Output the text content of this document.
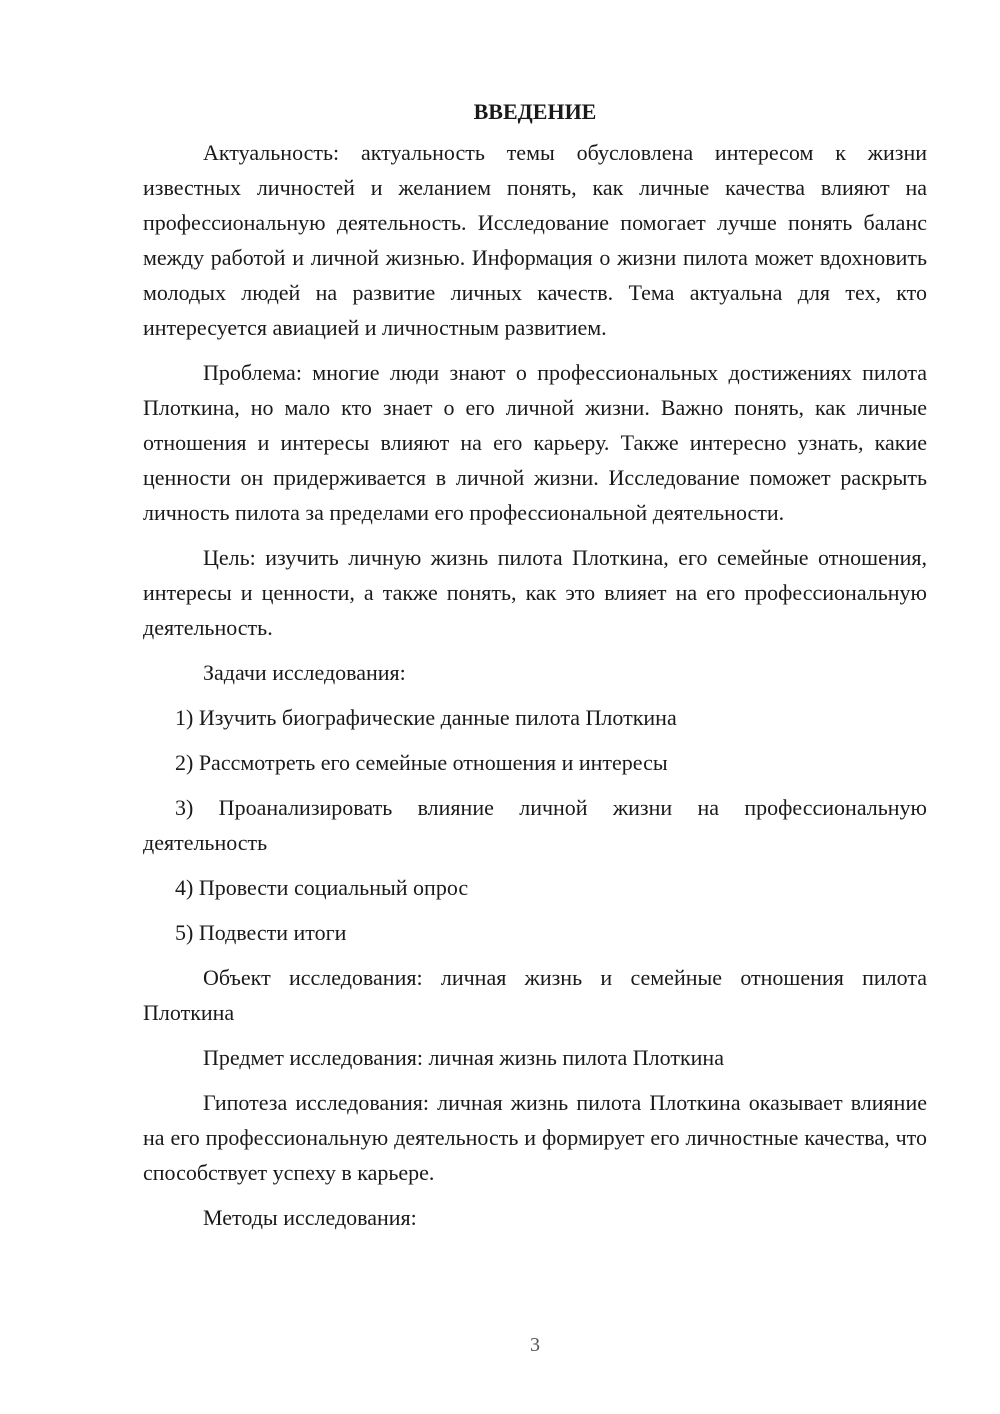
ВВЕДЕНИЕ

Актуальность: актуальность темы обусловлена интересом к жизни известных личностей и желанием понять, как личные качества влияют на профессиональную деятельность. Исследование помогает лучше понять баланс между работой и личной жизнью. Информация о жизни пилота может вдохновить молодых людей на развитие личных качеств. Тема актуальна для тех, кто интересуется авиацией и личностным развитием.

Проблема: многие люди знают о профессиональных достижениях пилота Плоткина, но мало кто знает о его личной жизни. Важно понять, как личные отношения и интересы влияют на его карьеру. Также интересно узнать, какие ценности он придерживается в личной жизни. Исследование поможет раскрыть личность пилота за пределами его профессиональной деятельности.

Цель: изучить личную жизнь пилота Плоткина, его семейные отношения, интересы и ценности, а также понять, как это влияет на его профессиональную деятельность.

Задачи исследования:

1) Изучить биографические данные пилота Плоткина

2) Рассмотреть его семейные отношения и интересы

3) Проанализировать влияние личной жизни на профессиональную деятельность

4) Провести социальный опрос

5) Подвести итоги

Объект исследования: личная жизнь и семейные отношения пилота Плоткина

Предмет исследования: личная жизнь пилота Плоткина

Гипотеза исследования: личная жизнь пилота Плоткина оказывает влияние на его профессиональную деятельность и формирует его личностные качества, что способствует успеху в карьере.

Методы исследования:

3
